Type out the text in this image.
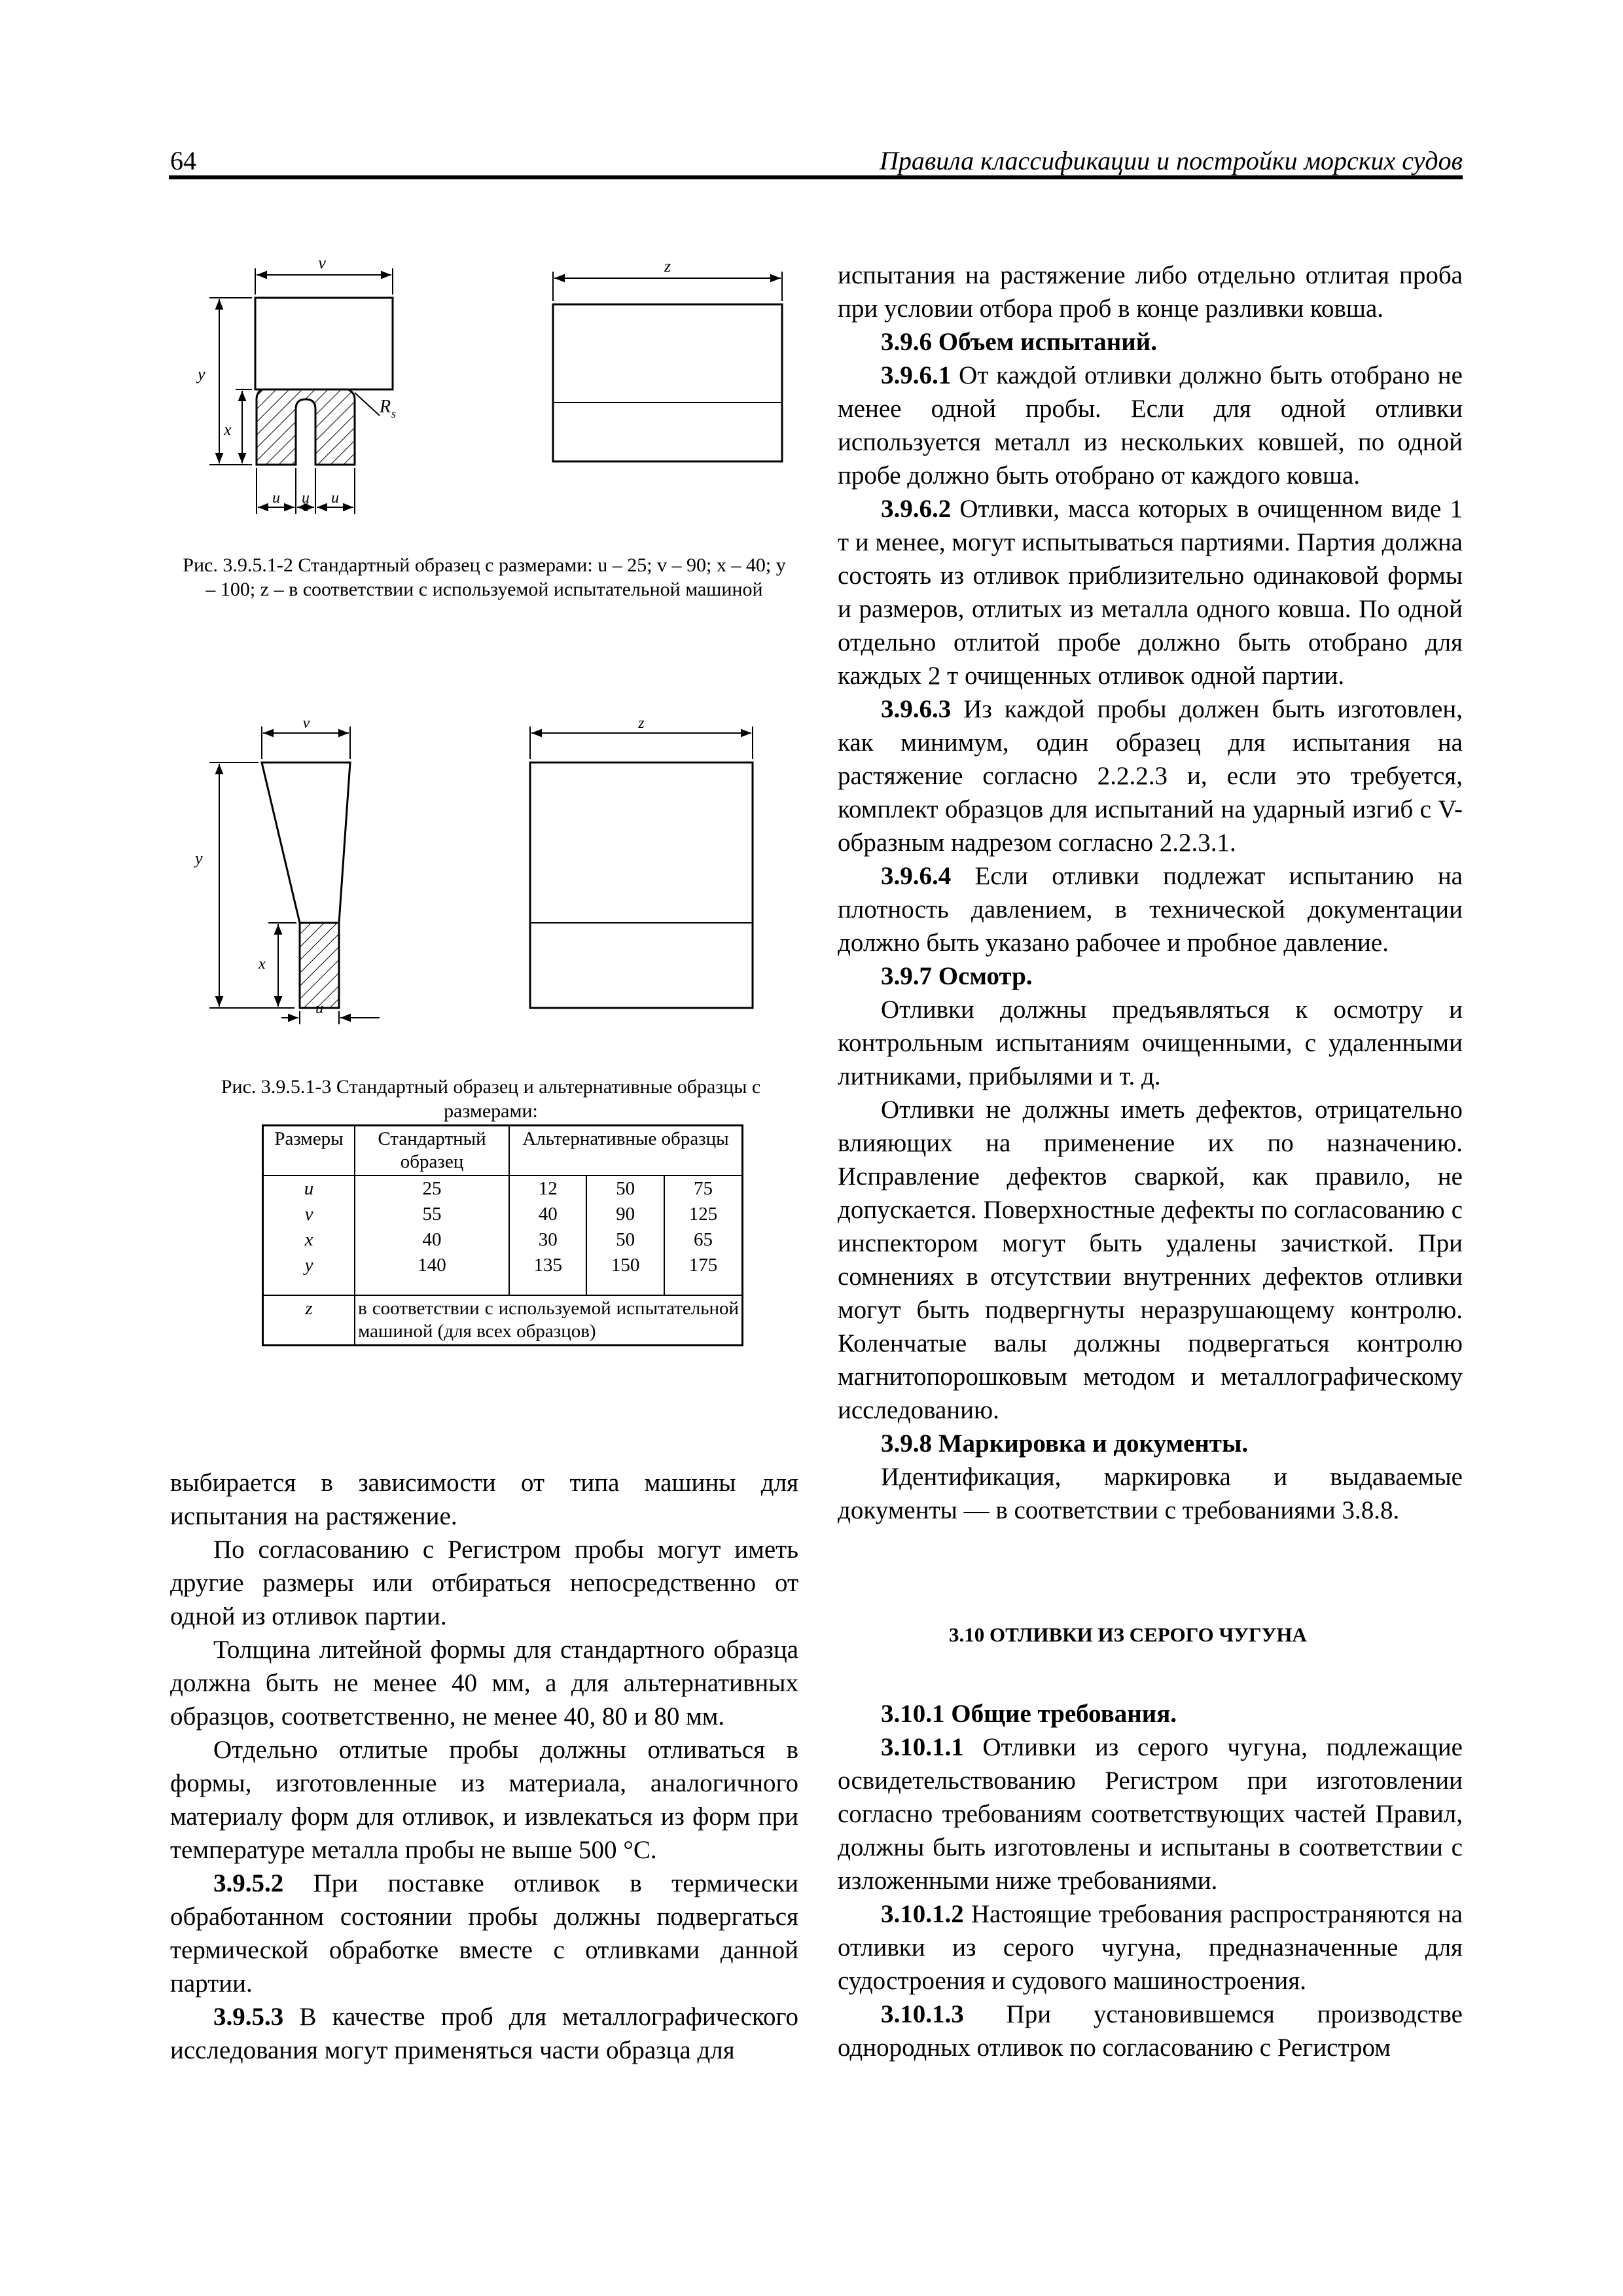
64	Правила классификации и постройки морских судов
v
y
x
R s
u u u
z
Рис. 3.9.5.1-2 Стандартный образец с размерами: u – 25; v – 90; x – 40; y – 100; z – в соответствии с используемой испытательной машиной
v
y
x
u
z
Рис. 3.9.5.1-3 Стандартный образец и альтернативные образцы с размерами:
Размеры	Стандартный образец	Альтернативные образцы		
u	25	12	50	75
v	55	40	90	125
x	40	30	50	65
y	140	135	150	175
z	в соответствии с используемой испытательной машиной (для всех образцов)			

выбирается в зависимости от типа машины для испытания на растяжение.

По согласованию с Регистром пробы могут иметь другие размеры или отбираться непосредственно от одной из отливок партии.

Толщина литейной формы для стандартного образца должна быть не менее 40 мм, а для альтернативных образцов, соответственно, не менее 40, 80 и 80 мм.

Отдельно отлитые пробы должны отливаться в формы, изготовленные из материала, аналогичного материалу форм для отливок, и извлекаться из форм при температуре металла пробы не выше 500 °С.

3.9.5.2 При поставке отливок в термически обработанном состоянии пробы должны подвергаться термической обработке вместе с отливками данной партии.

3.9.5.3 В качестве проб для металлографического исследования могут применяться части образца для

испытания на растяжение либо отдельно отлитая проба при условии отбора проб в конце разливки ковша.

3.9.6 Объем испытаний.

3.9.6.1 От каждой отливки должно быть отобрано не менее одной пробы. Если для одной отливки используется металл из нескольких ковшей, по одной пробе должно быть отобрано от каждого ковша.

3.9.6.2 Отливки, масса которых в очищенном виде 1 т и менее, могут испытываться партиями. Партия должна состоять из отливок приблизительно одинаковой формы и размеров, отлитых из металла одного ковша. По одной отдельно отлитой пробе должно быть отобрано для каждых 2 т очищенных отливок одной партии.

3.9.6.3 Из каждой пробы должен быть изготовлен, как минимум, один образец для испытания на растяжение согласно 2.2.2.3 и, если это требуется, комплект образцов для испытаний на ударный изгиб с V-образным надрезом согласно 2.2.3.1.

3.9.6.4 Если отливки подлежат испытанию на плотность давлением, в технической документации должно быть указано рабочее и пробное давление.

3.9.7 Осмотр.

Отливки должны предъявляться к осмотру и контрольным испытаниям очищенными, с удаленными литниками, прибылями и т. д.

Отливки не должны иметь дефектов, отрицательно влияющих на применение их по назначению. Исправление дефектов сваркой, как правило, не допускается. Поверхностные дефекты по согласованию с инспектором могут быть удалены зачисткой. При сомнениях в отсутствии внутренних дефектов отливки могут быть подвергнуты неразрушающему контролю. Коленчатые валы должны подвергаться контролю магнитопорошковым методом и металлографическому исследованию.

3.9.8 Маркировка и документы.

Идентификация, маркировка и выдаваемые документы — в соответствии с требованиями 3.8.8.

3.10 ОТЛИВКИ ИЗ СЕРОГО ЧУГУНА

3.10.1 Общие требования.

3.10.1.1 Отливки из серого чугуна, подлежащие освидетельствованию Регистром при изготовлении согласно требованиям соответствующих частей Правил, должны быть изготовлены и испытаны в соответствии с изложенными ниже требованиями.

3.10.1.2 Настоящие требования распространяются на отливки из серого чугуна, предназначенные для судостроения и судового машиностроения.

3.10.1.3 При установившемся производстве однородных отливок по согласованию с Регистром
